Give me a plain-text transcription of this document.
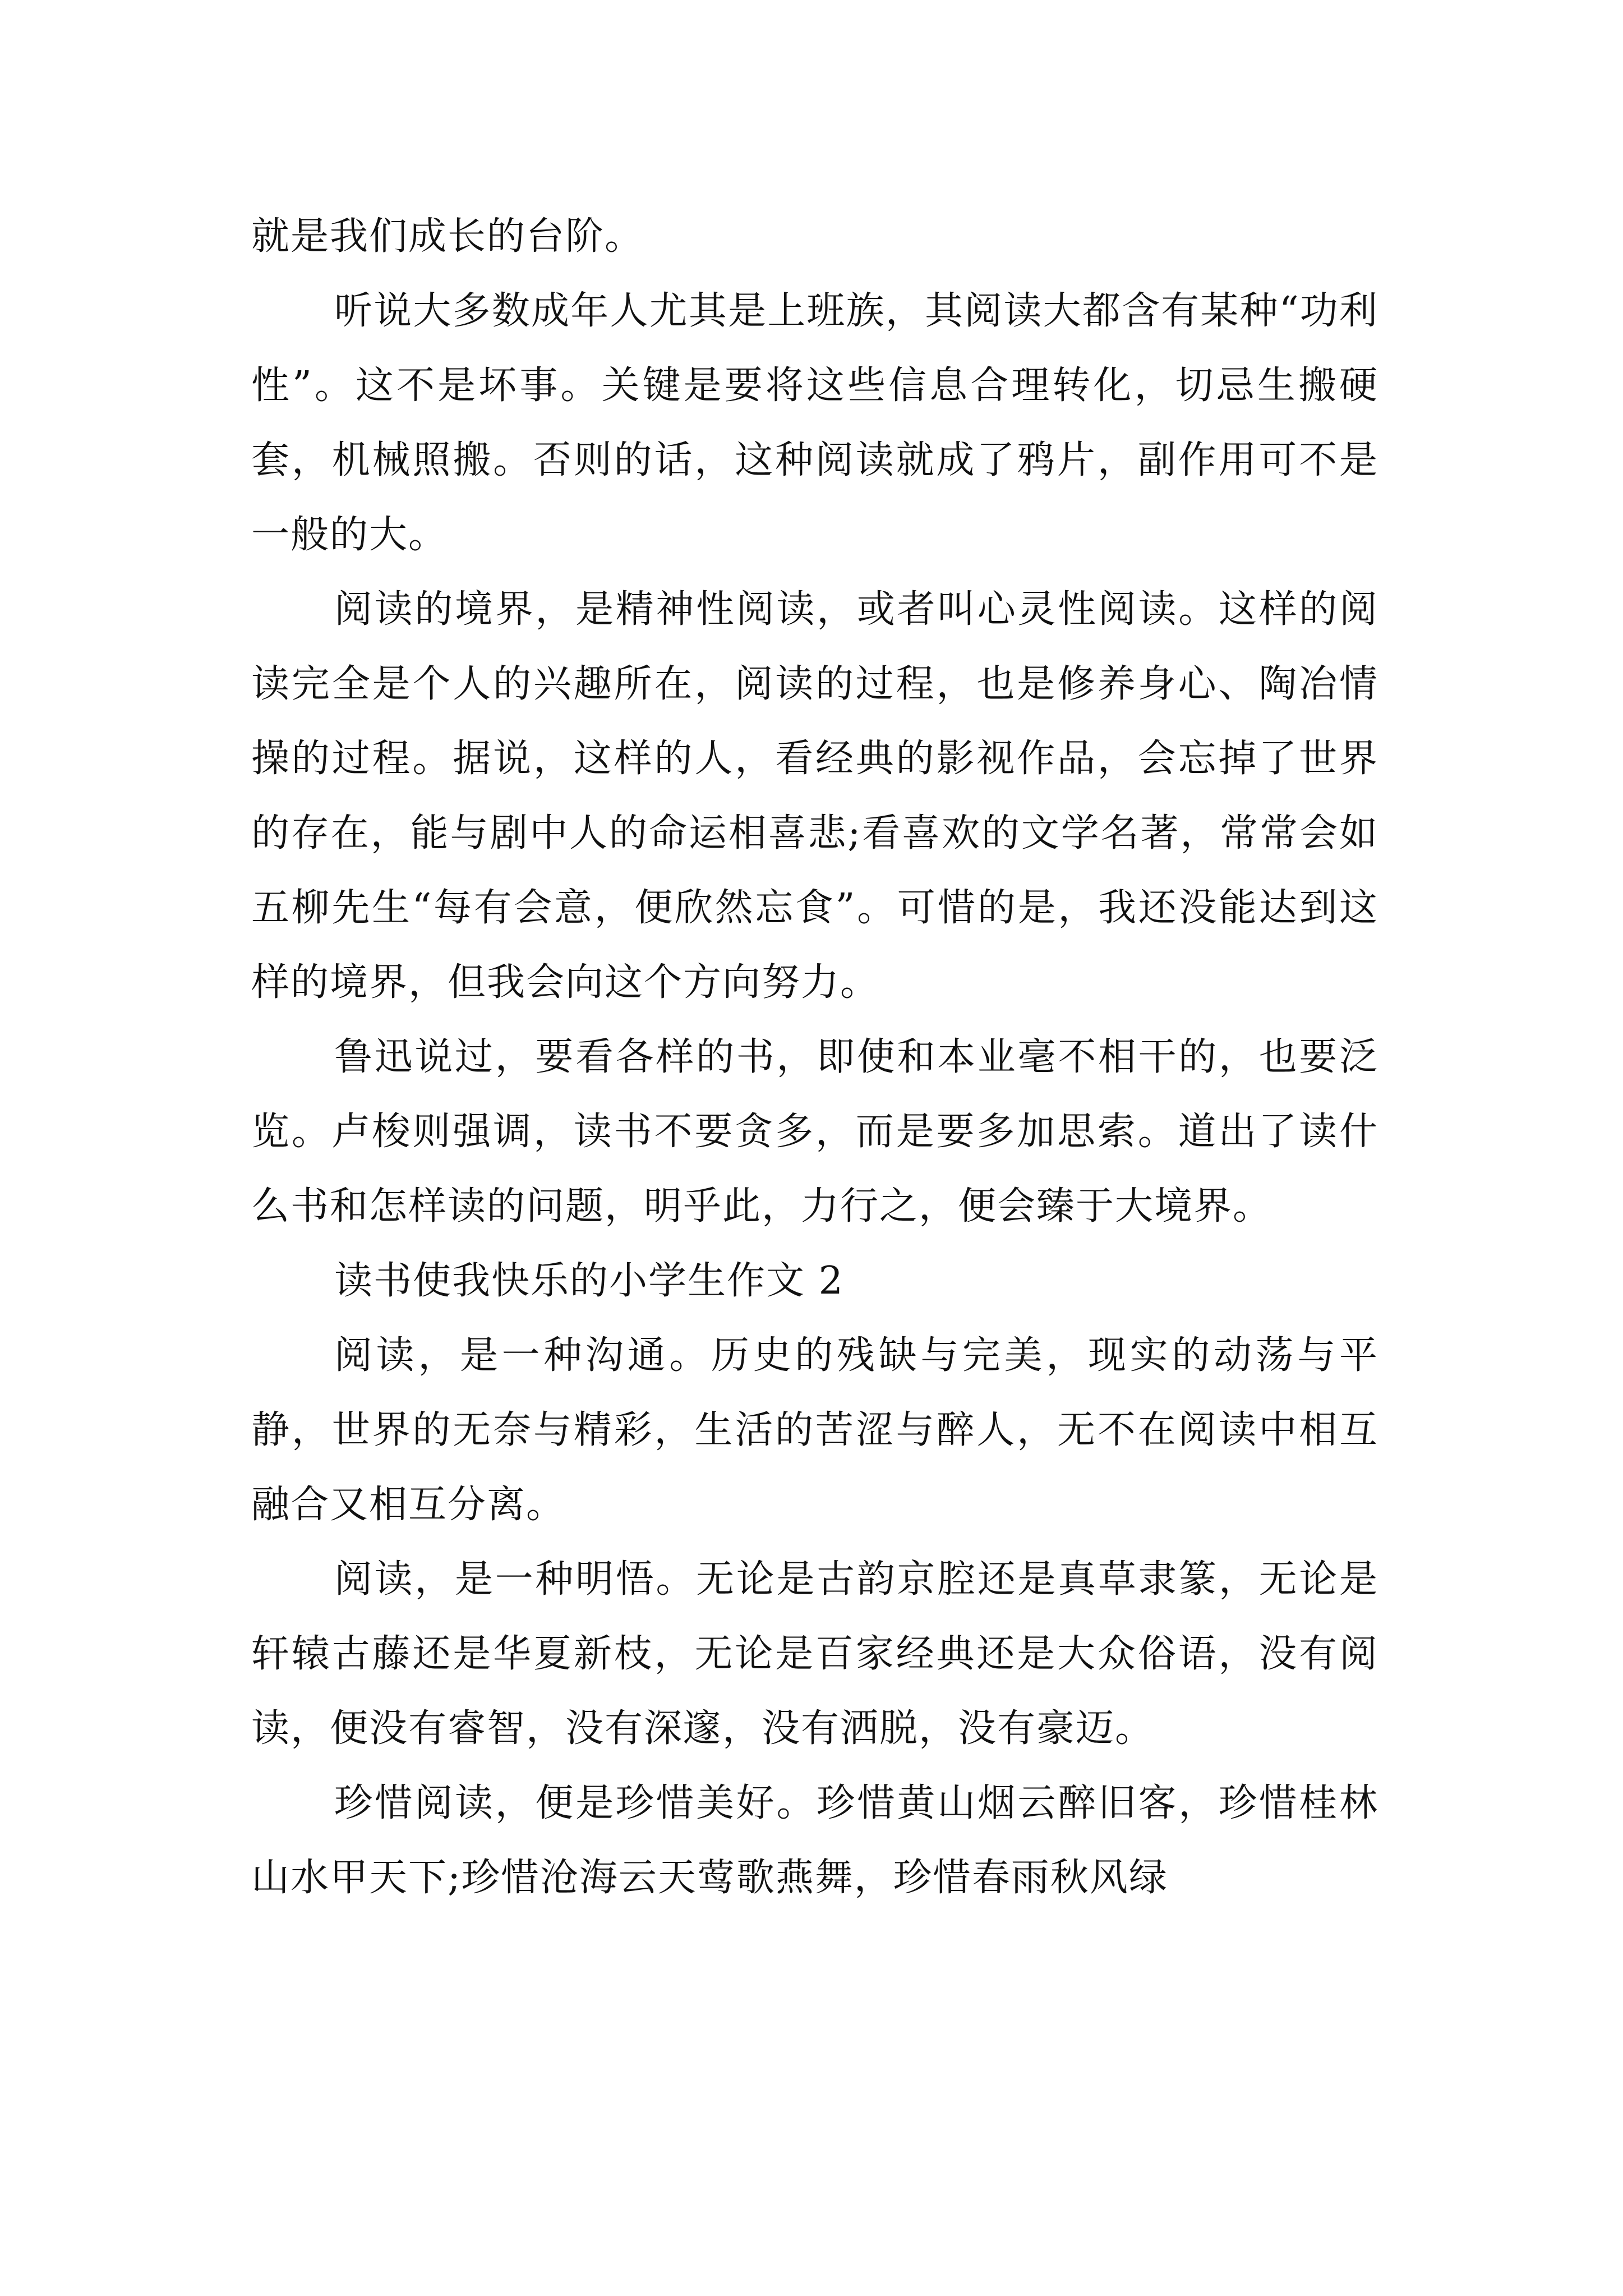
就是我们成长的台阶。

听说大多数成年人尤其是上班族，其阅读大都含有某种“功利性”。这不是坏事。关键是要将这些信息合理转化，切忌生搬硬套，机械照搬。否则的话，这种阅读就成了鸦片，副作用可不是一般的大。

阅读的境界，是精神性阅读，或者叫心灵性阅读。这样的阅读完全是个人的兴趣所在，阅读的过程，也是修养身心、陶冶情操的过程。据说，这样的人，看经典的影视作品，会忘掉了世界的存在，能与剧中人的命运相喜悲;看喜欢的文学名著，常常会如五柳先生“每有会意，便欣然忘食”。可惜的是，我还没能达到这样的境界，但我会向这个方向努力。

鲁迅说过，要看各样的书，即使和本业毫不相干的，也要泛览。卢梭则强调，读书不要贪多，而是要多加思索。道出了读什么书和怎样读的问题，明乎此，力行之，便会臻于大境界。

读书使我快乐的小学生作文 2

阅读，是一种沟通。历史的残缺与完美，现实的动荡与平静，世界的无奈与精彩，生活的苦涩与醉人，无不在阅读中相互融合又相互分离。

阅读，是一种明悟。无论是古韵京腔还是真草隶篆，无论是轩辕古藤还是华夏新枝，无论是百家经典还是大众俗语，没有阅读，便没有睿智，没有深邃，没有洒脱，没有豪迈。

珍惜阅读，便是珍惜美好。珍惜黄山烟云醉旧客，珍惜桂林山水甲天下;珍惜沧海云天莺歌燕舞，珍惜春雨秋风绿
